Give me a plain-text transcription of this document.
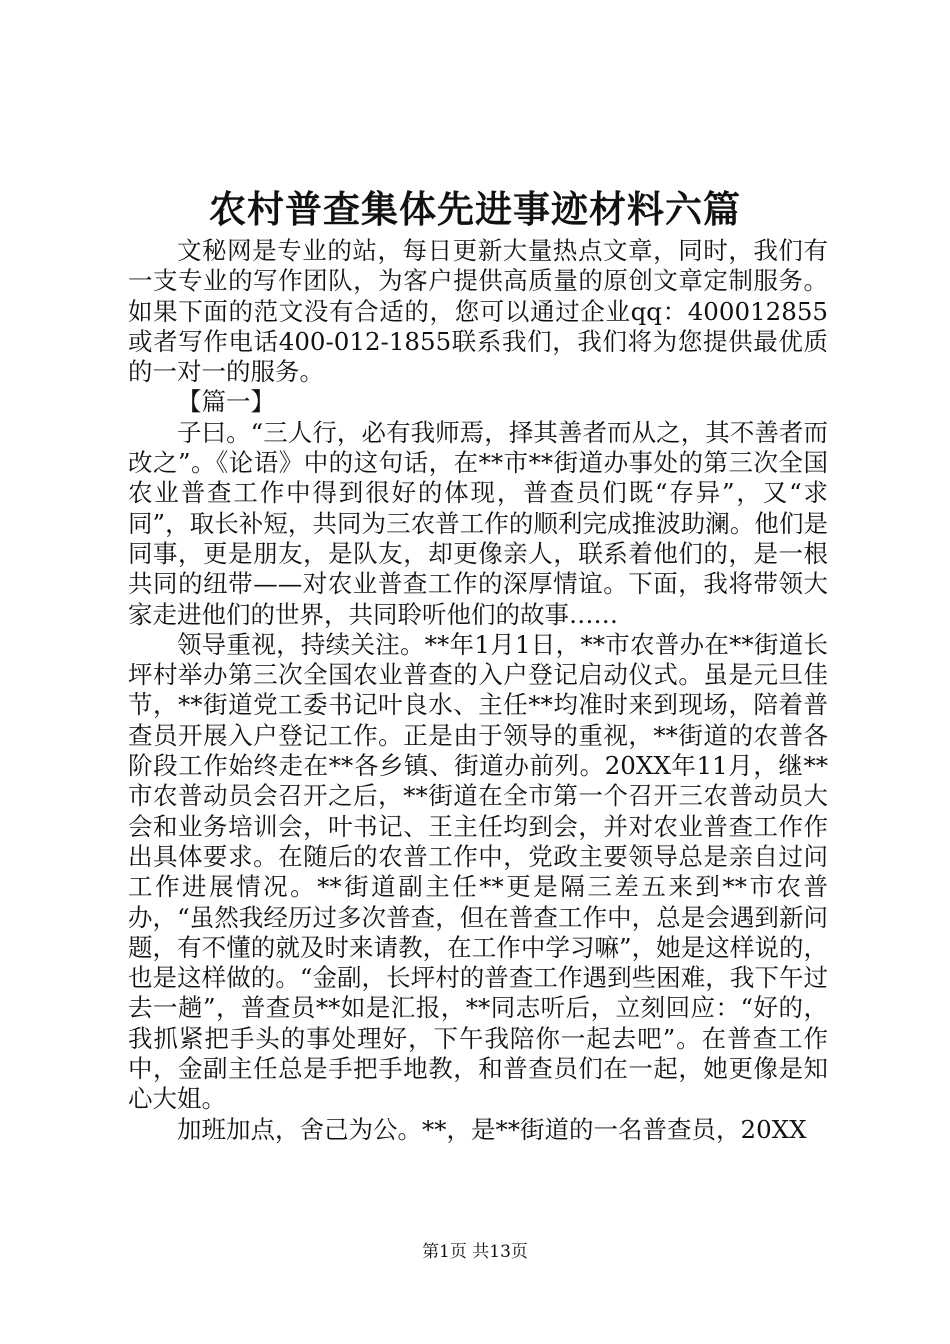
农村普查集体先进事迹材料六篇

文秘网是专业的站，每日更新大量热点文章，同时，我们有一支专业的写作团队，为客户提供高质量的原创文章定制服务。如果下面的范文没有合适的，您可以通过企业qq：400012855或者写作电话400-012-1855联系我们，我们将为您提供最优质的一对一的服务。

【篇一】

子曰。“三人行，必有我师焉，择其善者而从之，其不善者而改之”。《论语》中的这句话，在**市**街道办事处的第三次全国农业普查工作中得到很好的体现，普查员们既“存异”，又“求同”，取长补短，共同为三农普工作的顺利完成推波助澜。他们是同事，更是朋友，是队友，却更像亲人，联系着他们的，是一根共同的纽带——对农业普查工作的深厚情谊。下面，我将带领大家走进他们的世界，共同聆听他们的故事……

领导重视，持续关注。**年1月1日，**市农普办在**街道长坪村举办第三次全国农业普查的入户登记启动仪式。虽是元旦佳节，**街道党工委书记叶良水、主任**均准时来到现场，陪着普查员开展入户登记工作。正是由于领导的重视，**街道的农普各阶段工作始终走在**各乡镇、街道办前列。20XX年11月，继**市农普动员会召开之后，**街道在全市第一个召开三农普动员大会和业务培训会，叶书记、王主任均到会，并对农业普查工作作出具体要求。在随后的农普工作中，党政主要领导总是亲自过问工作进展情况。**街道副主任**更是隔三差五来到**市农普办，“虽然我经历过多次普查，但在普查工作中，总是会遇到新问题，有不懂的就及时来请教，在工作中学习嘛”，她是这样说的，也是这样做的。“金副，长坪村的普查工作遇到些困难，我下午过去一趟”，普查员**如是汇报，**同志听后，立刻回应：“好的，我抓紧把手头的事处理好，下午我陪你一起去吧”。在普查工作中，金副主任总是手把手地教，和普查员们在一起，她更像是知心大姐。

加班加点，舍己为公。**，是**街道的一名普查员，20XX

第1页 共13页
